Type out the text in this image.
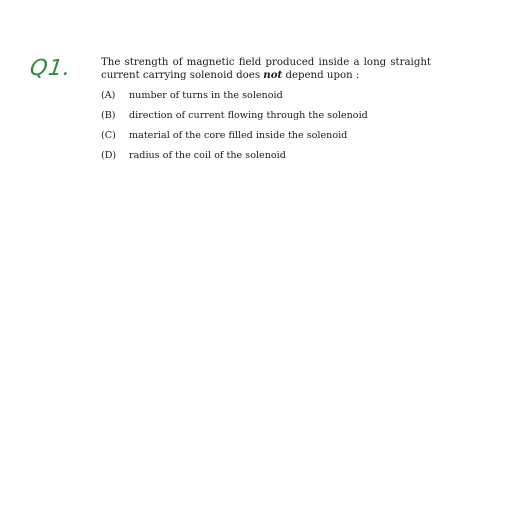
Q1.	The strength of magnetic field produced inside a long straight current carrying solenoid does not depend upon :
(A)	number of turns in the solenoid
(B)	direction of current flowing through the solenoid
(C)	material of the core filled inside the solenoid
(D)	radius of the coil of the solenoid
